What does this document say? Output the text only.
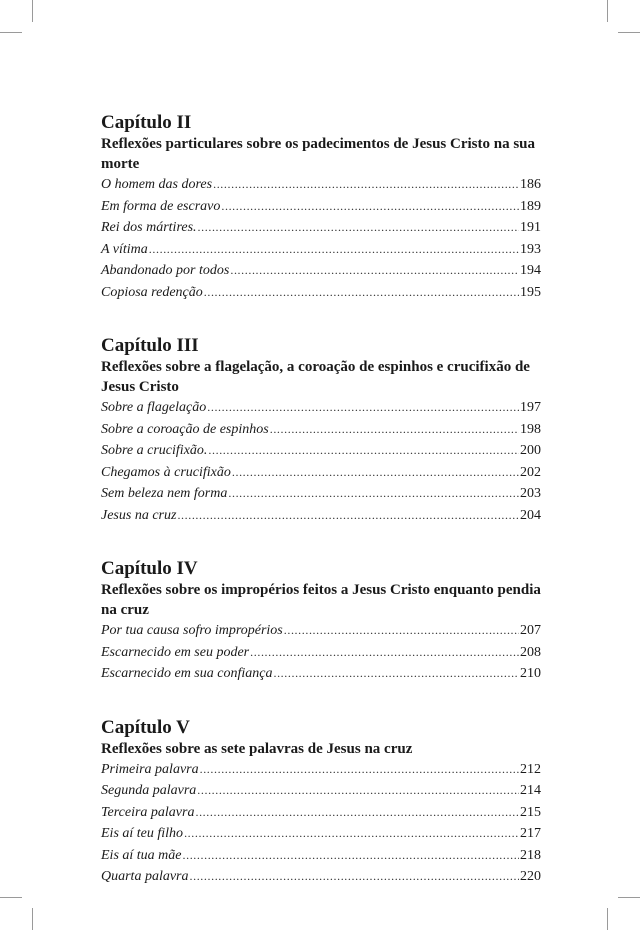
Capítulo II

Reflexões particulares sobre os padecimentos de Jesus Cristo na sua morte

O homem das dores .....	186
Em forma de escravo .....	189
Rei dos mártires. .....	191
A vítima .....	193
Abandonado por todos .....	194
Copiosa redenção .....	195
Capítulo III

Reflexões sobre a flagelação, a coroação de espinhos e crucifixão de Jesus Cristo

Sobre a flagelação .....	197
Sobre a coroação de espinhos .....	198
Sobre a crucifixão. .....	200
Chegamos à crucifixão .....	202
Sem beleza nem forma .....	203
Jesus na cruz .....	204
Capítulo IV

Reflexões sobre os impropérios feitos a Jesus Cristo enquanto pendia na cruz

Por tua causa sofro impropérios .....	207
Escarnecido em seu poder .....	208
Escarnecido em sua confiança .....	210
Capítulo V

Reflexões sobre as sete palavras de Jesus na cruz

Primeira palavra .....	212
Segunda palavra .....	214
Terceira palavra .....	215
Eis aí teu filho .....	217
Eis aí tua mãe .....	218
Quarta palavra .....	220
